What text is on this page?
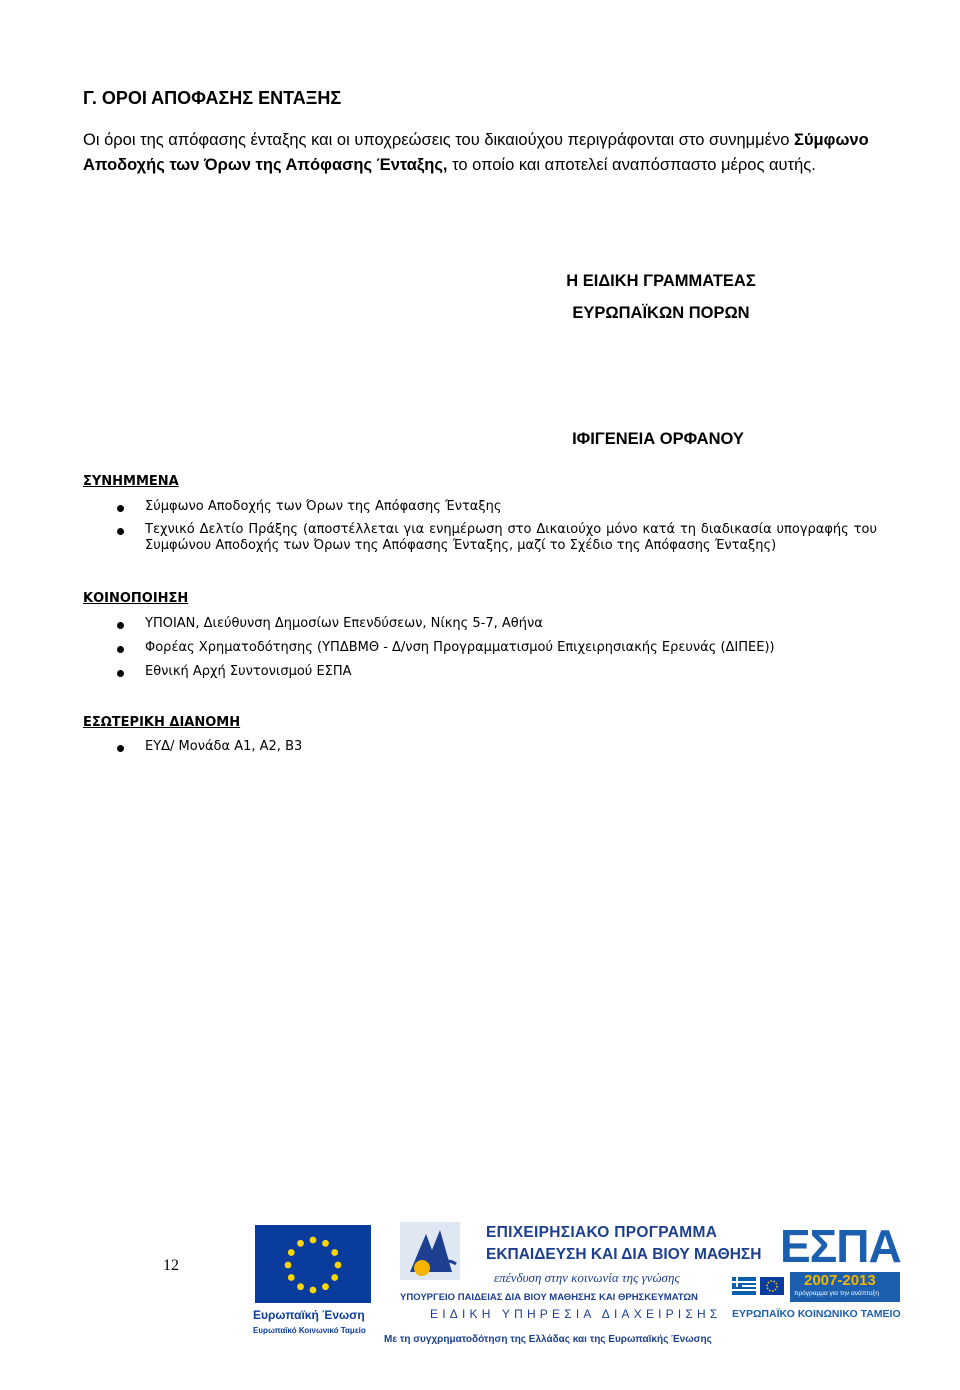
Γ. ΟΡΟΙ ΑΠΟΦΑΣΗΣ ΕΝΤΑΞΗΣ
Οι όροι της απόφασης ένταξης και οι υποχρεώσεις του δικαιούχου περιγράφονται στο συνημμένο Σύμφωνο Αποδοχής των Όρων της Απόφασης Ένταξης, το οποίο και αποτελεί αναπόσπαστο μέρος αυτής.
Η ΕΙΔΙΚΗ ΓΡΑΜΜΑΤΕΑΣ
ΕΥΡΩΠΑΪΚΩΝ ΠΟΡΩΝ
ΙΦΙΓΕΝΕΙΑ ΟΡΦΑΝΟΥ
ΣΥΝΗΜΜΕΝΑ
Σύμφωνο Αποδοχής των Όρων της Απόφασης Ένταξης
Τεχνικό Δελτίο Πράξης (αποστέλλεται για ενημέρωση στο Δικαιούχο μόνο κατά τη διαδικασία υπογραφής του Συμφώνου Αποδοχής των Όρων της Απόφασης Ένταξης, μαζί το Σχέδιο της Απόφασης Ένταξης)
ΚΟΙΝΟΠΟΙΗΣΗ
ΥΠΟΙΑΝ, Διεύθυνση Δημοσίων Επενδύσεων, Νίκης 5-7, Αθήνα
Φορέας Χρηματοδότησης (ΥΠΔΒΜΘ - Δ/νση Προγραμματισμού Επιχειρησιακής Ερευνάς (ΔΙΠΕΕ))
Εθνική Αρχή Συντονισμού ΕΣΠΑ
ΕΣΩΤΕΡΙΚΗ ΔΙΑΝΟΜΗ
ΕΥΔ/ Μονάδα Α1, Α2, Β3
12
Ευρωπαϊκή Ένωση
Ευρωπαϊκό Κοινωνικό Ταμείο
ΕΠΙΧΕΙΡΗΣΙΑΚΟ ΠΡΟΓΡΑΜΜΑ
ΕΚΠΑΙΔΕΥΣΗ ΚΑΙ ΔΙΑ ΒΙΟΥ ΜΑΘΗΣΗ
επένδυση στην κοινωνία της γνώσης
ΥΠΟΥΡΓΕΙΟ ΠΑΙΔΕΙΑΣ ΔΙΑ ΒΙΟΥ ΜΑΘΗΣΗΣ ΚΑΙ ΘΡΗΣΚΕΥΜΑΤΩΝ
ΕΙΔΙΚΗ ΥΠΗΡΕΣΙΑ ΔΙΑΧΕΙΡΙΣΗΣ
Με τη συγχρηματοδότηση της Ελλάδας και της Ευρωπαϊκής Ένωσης
ΕΣΠΑ
2007-2013
πρόγραμμα για την ανάπτυξη
ΕΥΡΩΠΑΪΚΟ ΚΟΙΝΩΝΙΚΟ ΤΑΜΕΙΟ
